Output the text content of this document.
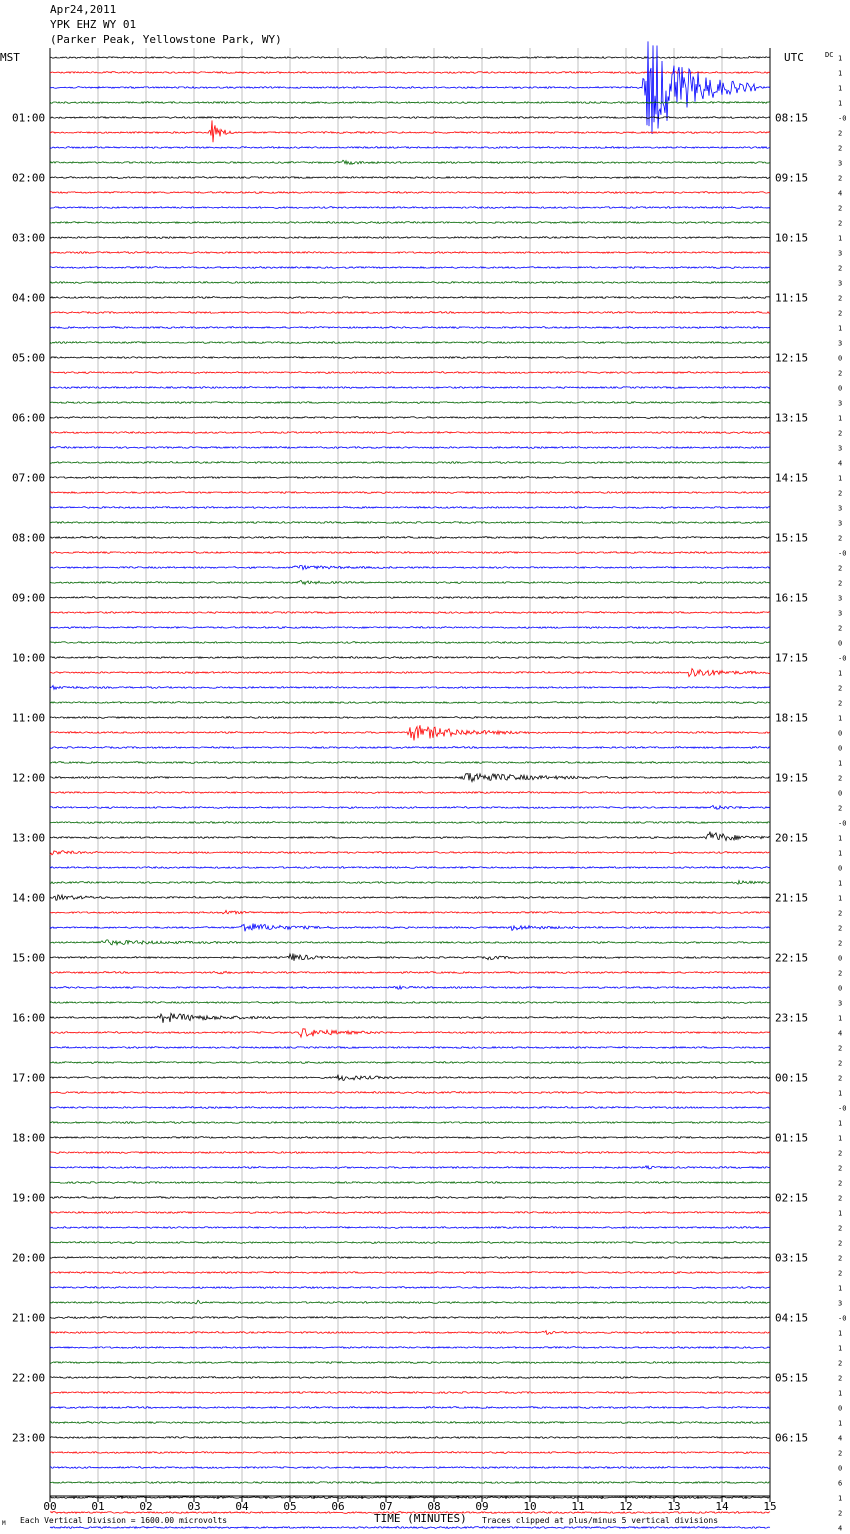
Apr24,2011
YPK EHZ WY 01
(Parker Peak, Yellowstone Park, WY)
01:00
02:00
03:00
04:00
05:00
06:00
07:00
08:00
09:00
10:00
11:00
12:00
13:00
14:00
15:00
16:00
17:00
18:00
19:00
20:00
21:00
22:00
23:00
08:15
09:15
10:15
11:15
12:15
13:15
14:15
15:15
16:15
17:15
18:15
19:15
20:15
21:15
22:15
23:15
00:15
01:15
02:15
03:15
04:15
05:15
06:15
1
1
1
1
-0
2
2
3
2
4
2
2
1
3
2
3
2
2
1
3
0
2
0
3
1
2
3
4
1
2
3
3
2
-0
2
2
3
3
2
0
-0
1
2
2
1
0
0
1
2
0
2
-0
1
1
0
1
1
2
2
2
0
2
0
3
1
4
2
2
2
1
-0
1
1
2
2
2
2
1
2
2
2
2
1
3
-0
1
1
2
2
1
0
1
4
2
0
6
1
2
4
00	01	02	03	04	05	06	07	08	09	10	11	12	13	14	15
MST	UTC	DC
M Each Vertical Division = 1600.00 microvolts	TIME (MINUTES) Traces clipped at plus/minus 5 vertical divisions
